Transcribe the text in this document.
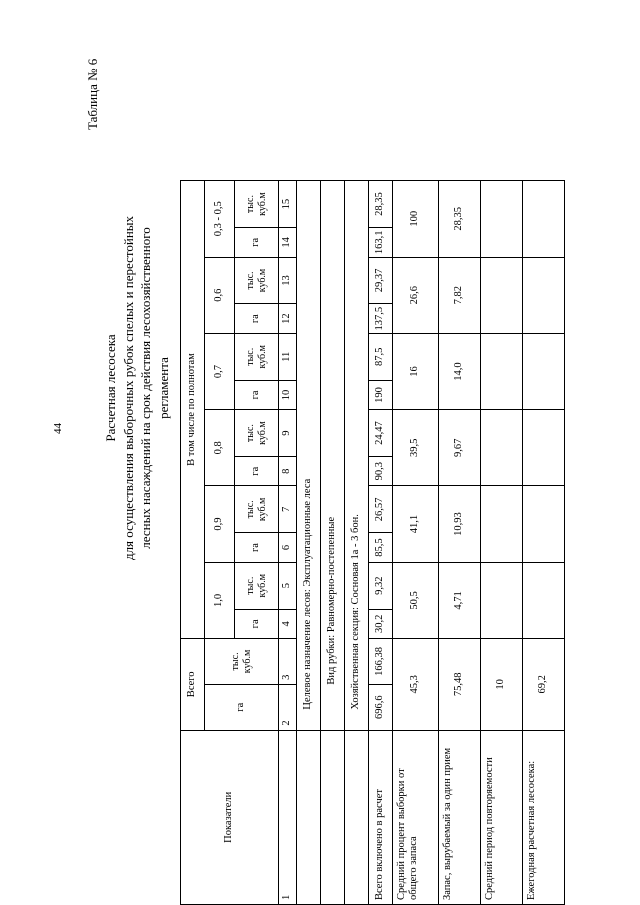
44
Таблица № 6
Расчетная лесосека для осуществления выборочных рубок спелых и перестойных лесных насаждений на срок действия лесохозяйственного регламента
Показатели	Всего		В том числе по полнотам											
	га	тыс. куб.м	1,0		0,9		0,8		0,7		0,6		0,3 - 0,5	
			га	тыс. куб.м	га	тыс. куб.м	га	тыс. куб.м	га	тыс. куб.м	га	тыс. куб.м	га	тыс. куб.м
1	2	3	4	5	6	7	8	9	10	11	12	13	14	15
	Целевое назначение лесов: Эксплуатационные леса													
	Вид рубки: Равномерно-постепенные													
	Хозяйственная секция: Сосновая 1а - 3 бон.													
Всего включено в расчет	696,6	166,38	30,2	9,32	85,5	26,57	90,3	24,47	190	87,5	137,5	29,37	163,1	28,35
Средний процент выборки от общего запаса	45,3		50,5		41,1		39,5		16		26,6		100	
Запас, вырубаемый за один прием	75,48		4,71		10,93		9,67		14,0		7,82		28,35	
Средний период повторяемости	10													
Ежегодная расчетная лесосека:	69,2													
